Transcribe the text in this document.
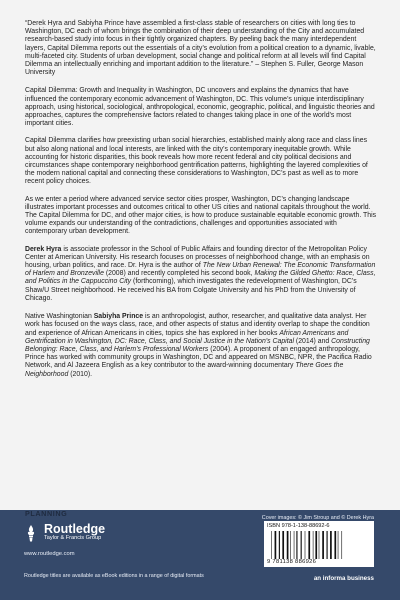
“Derek Hyra and Sabiyha Prince have assembled a first-class stable of researchers on cities with long ties to Washington, DC each of whom brings the combination of their deep understanding of the City and accumulated research-based study into focus in their tightly organized chapters. By peeling back the many interdependent layers, Capital Dilemma reports out the essentials of a city’s evolution from a political creation to a dynamic, livable, multi-faceted city. Students of urban development, social change and political reform at all levels will find Capital Dilemma an intellectually enriching and important addition to the literature.” – Stephen S. Fuller, George Mason University

Capital Dilemma: Growth and Inequality in Washington, DC uncovers and explains the dynamics that have influenced the contemporary economic advancement of Washington, DC. This volume’s unique interdisciplinary approach, using historical, sociological, anthropological, economic, geographic, political, and linguistic theories and approaches, captures the comprehensive factors related to changes taking place in one of the world’s most important cities.

Capital Dilemma clarifies how preexisting urban social hierarchies, established mainly along race and class lines but also along national and local interests, are linked with the city’s contemporary inequitable growth. While accounting for historic disparities, this book reveals how more recent federal and city political decisions and circumstances shape contemporary neighborhood gentrification patterns, highlighting the layered complexities of the modern national capital and connecting these considerations to Washington, DC’s past as well as to more recent policy choices.

As we enter a period where advanced service sector cities prosper, Washington, DC’s changing landscape illustrates important processes and outcomes critical to other US cities and national capitals throughout the world. The Capital Dilemma for DC, and other major cities, is how to produce sustainable equitable economic growth. This volume expands our understanding of the contradictions, challenges and opportunities associated with contemporary urban development.

Derek Hyra is associate professor in the School of Public Affairs and founding director of the Metropolitan Policy Center at American University. His research focuses on processes of neighborhood change, with an emphasis on housing, urban politics, and race. Dr. Hyra is the author of The New Urban Renewal: The Economic Transformation of Harlem and Bronzeville (2008) and recently completed his second book, Making the Gilded Ghetto: Race, Class, and Politics in the Cappuccino City (forthcoming), which investigates the redevelopment of Washington, DC’s Shaw/U Street neighborhood. He received his BA from Colgate University and his PhD from the University of Chicago.

Native Washingtonian Sabiyha Prince is an anthropologist, author, researcher, and qualitative data analyst. Her work has focused on the ways class, race, and other aspects of status and identity overlap to shape the condition and experience of African Americans in cities, topics she has explored in her books African Americans and Gentrification in Washington, DC: Race, Class, and Social Justice in the Nation’s Capital (2014) and Constructing Belonging: Race, Class, and Harlem’s Professional Workers (2004). A proponent of an engaged anthropology, Prince has worked with community groups in Washington, DC and appeared on MSNBC, NPR, the Pacifica Radio Network, and Al Jazeera English as a key contributor to the award-winning documentary There Goes the Neighborhood (2010).

PLANNING	Cover images: © Jim Stroup and © Derek Hyra
Routledge
Taylor & Francis Group
www.routledge.com
Routledge titles are available as eBook editions in a range of digital formats
ISBN 978-1-138-88692-6
9 781138 886926
an informa business
